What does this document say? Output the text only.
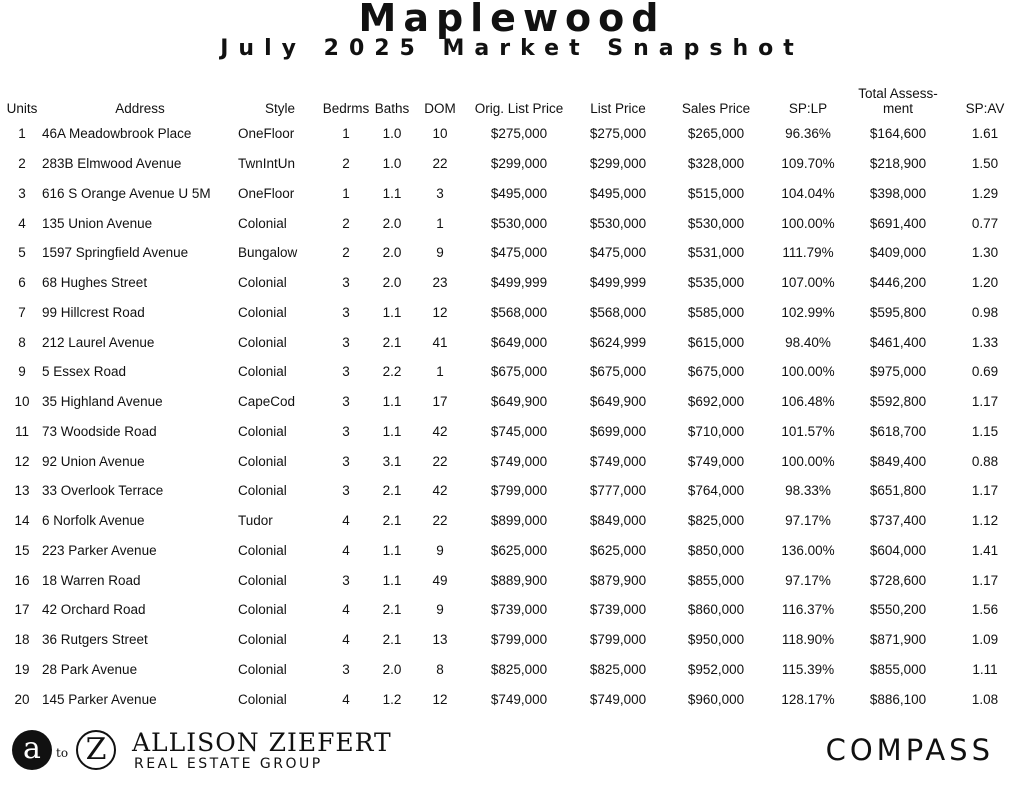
Maplewood
July 2025 Market Snapshot
Units	Address	Style	Bedrms	Baths	DOM	Orig. List Price	List Price	Sales Price	SP:LP	Total Assess-ment	SP:AV
1	46A Meadowbrook Place	OneFloor	1	1.0	10	$275,000	$275,000	$265,000	96.36%	$164,600	1.61
2	283B Elmwood Avenue	TwnIntUn	2	1.0	22	$299,000	$299,000	$328,000	109.70%	$218,900	1.50
3	616 S Orange Avenue U 5M	OneFloor	1	1.1	3	$495,000	$495,000	$515,000	104.04%	$398,000	1.29
4	135 Union Avenue	Colonial	2	2.0	1	$530,000	$530,000	$530,000	100.00%	$691,400	0.77
5	1597 Springfield Avenue	Bungalow	2	2.0	9	$475,000	$475,000	$531,000	111.79%	$409,000	1.30
6	68 Hughes Street	Colonial	3	2.0	23	$499,999	$499,999	$535,000	107.00%	$446,200	1.20
7	99 Hillcrest Road	Colonial	3	1.1	12	$568,000	$568,000	$585,000	102.99%	$595,800	0.98
8	212 Laurel Avenue	Colonial	3	2.1	41	$649,000	$624,999	$615,000	98.40%	$461,400	1.33
9	5 Essex Road	Colonial	3	2.2	1	$675,000	$675,000	$675,000	100.00%	$975,000	0.69
10	35 Highland Avenue	CapeCod	3	1.1	17	$649,900	$649,900	$692,000	106.48%	$592,800	1.17
11	73 Woodside Road	Colonial	3	1.1	42	$745,000	$699,000	$710,000	101.57%	$618,700	1.15
12	92 Union Avenue	Colonial	3	3.1	22	$749,000	$749,000	$749,000	100.00%	$849,400	0.88
13	33 Overlook Terrace	Colonial	3	2.1	42	$799,000	$777,000	$764,000	98.33%	$651,800	1.17
14	6 Norfolk Avenue	Tudor	4	2.1	22	$899,000	$849,000	$825,000	97.17%	$737,400	1.12
15	223 Parker Avenue	Colonial	4	1.1	9	$625,000	$625,000	$850,000	136.00%	$604,000	1.41
16	18 Warren Road	Colonial	3	1.1	49	$889,900	$879,900	$855,000	97.17%	$728,600	1.17
17	42 Orchard Road	Colonial	4	2.1	9	$739,000	$739,000	$860,000	116.37%	$550,200	1.56
18	36 Rutgers Street	Colonial	4	2.1	13	$799,000	$799,000	$950,000	118.90%	$871,900	1.09
19	28 Park Avenue	Colonial	3	2.0	8	$825,000	$825,000	$952,000	115.39%	$855,000	1.11
20	145 Parker Avenue	Colonial	4	1.2	12	$749,000	$749,000	$960,000	128.17%	$886,100	1.08
a	to Z	ALLISON ZIEFERT
REAL ESTATE GROUP	COMPASS
